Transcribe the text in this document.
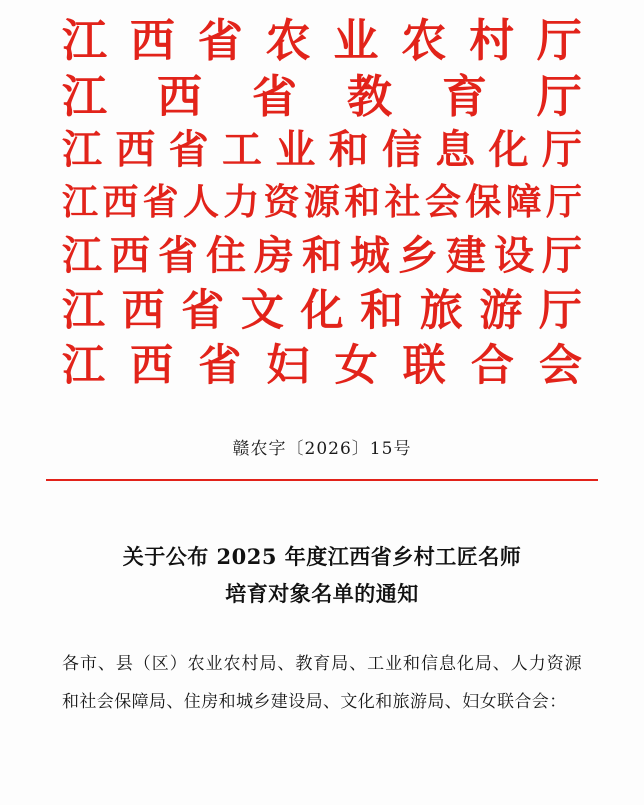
江 西 省 农 业 农 村 厅
江 西 省 教 育 厅
江 西 省 工 业 和 信 息 化 厅
江 西 省 人 力 资 源 和 社 会 保 障 厅
江 西 省 住 房 和 城 乡 建 设 厅
江 西 省 文 化 和 旅 游 厅
江 西 省 妇 女 联 合 会
赣农字〔2026〕15号
关于公布 2025 年度江西省乡村工匠名师
培育对象名单的通知

各市、县（区）农业农村局、教育局、工业和信息化局、人力资源和社会保障局、住房和城乡建设局、文化和旅游局、妇女联合会：
